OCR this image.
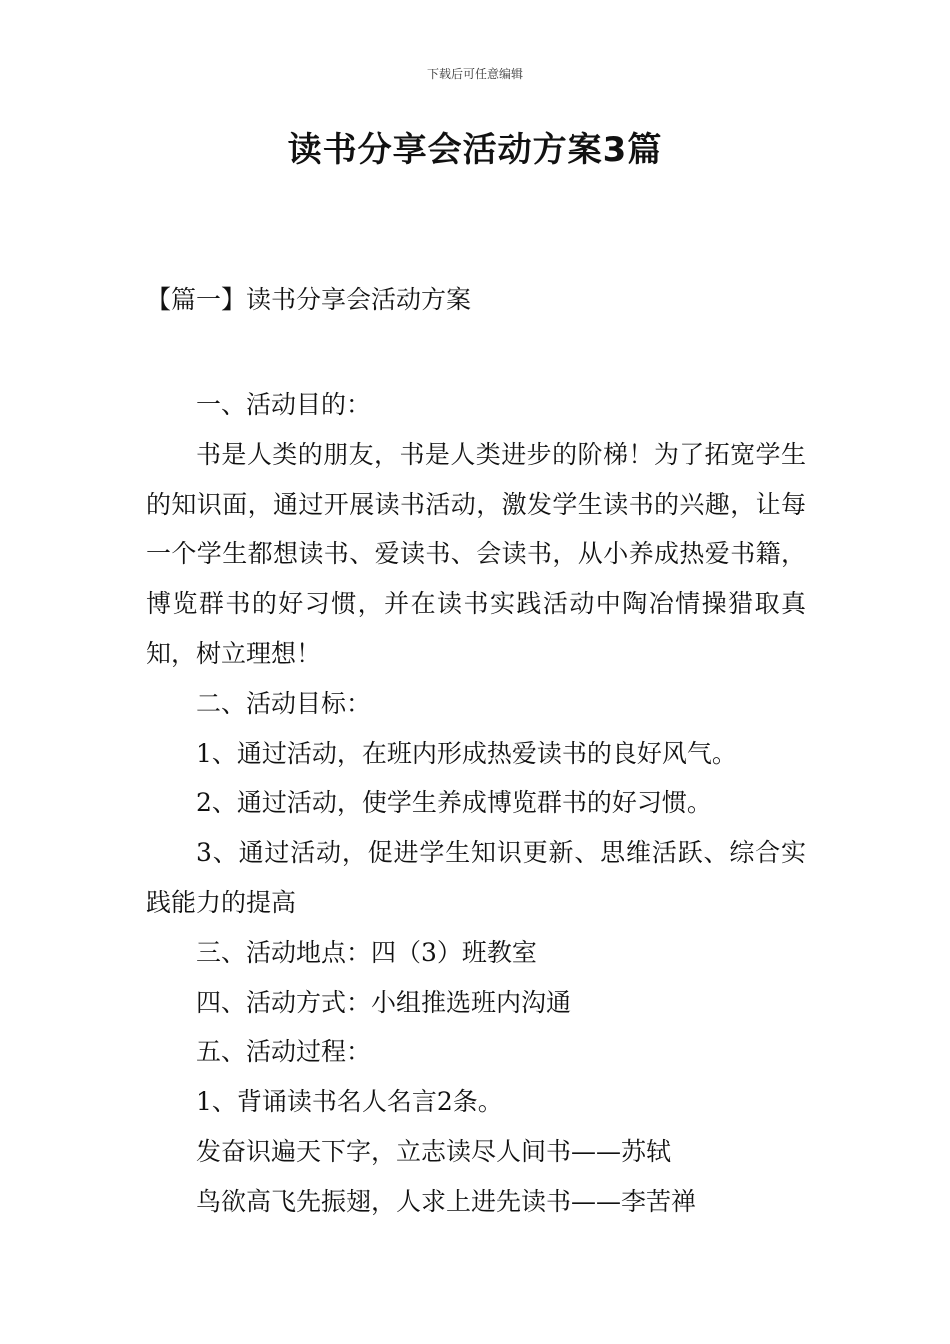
下载后可任意编辑
读书分享会活动方案3篇
【篇一】读书分享会活动方案

一、活动目的：

书是人类的朋友，书是人类进步的阶梯！为了拓宽学生的知识面，通过开展读书活动，激发学生读书的兴趣，让每一个学生都想读书、爱读书、会读书，从小养成热爱书籍，博览群书的好习惯，并在读书实践活动中陶冶情操猎取真知，树立理想！

二、活动目标：

1、通过活动，在班内形成热爱读书的良好风气。

2、通过活动，使学生养成博览群书的好习惯。

3、通过活动，促进学生知识更新、思维活跃、综合实践能力的提高

三、活动地点：四（3）班教室

四、活动方式：小组推选班内沟通

五、活动过程：

1、背诵读书名人名言2条。

发奋识遍天下字，立志读尽人间书——苏轼

鸟欲高飞先振翅，人求上进先读书——李苦禅
